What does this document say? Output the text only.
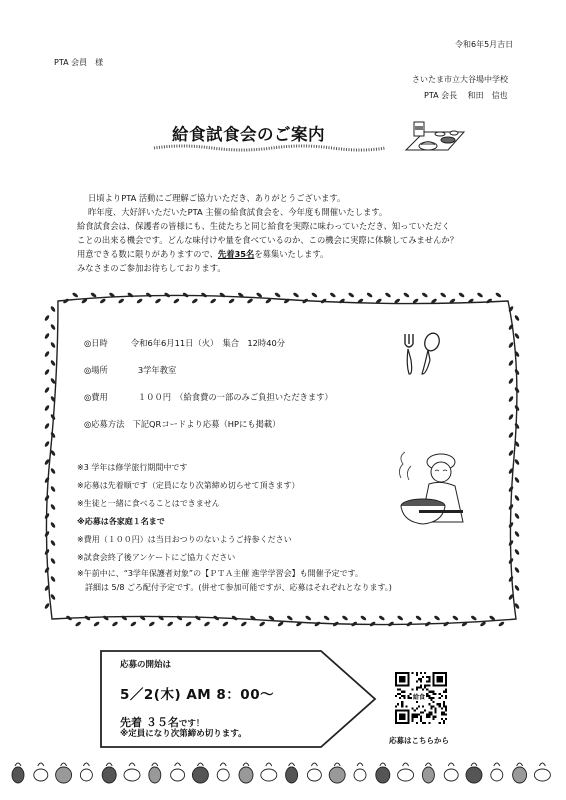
令和6年5月吉日
PTA 会員　様
さいたま市立大谷場中学校
PTA 会長　 和田　信也
給食試食会のご案内
日頃よりPTA 活動にご理解ご協力いただき、ありがとうございます。
昨年度、大好評いただいたPTA 主催の給食試食会を、今年度も開催いたします。
給食試食会は、保護者の皆様にも、生徒たちと同じ給食を実際に味わっていただき、知っていただく
ことの出来る機会です。どんな味付けや量を食べているのか、この機会に実際に体験してみませんか？
用意できる数に限りがありますので、先着35名を募集いたします。
みなさまのご参加お待ちしております。
◎日時	令和6年6月11日（火）　集合　12時40分
◎場所	3学年教室
◎費用	１００円　（給食費の一部のみご負担いただきます）
◎応募方法 下記QRコードより応募（HPにも掲載）
※3 学年は修学旅行期間中です
※応募は先着順です（定員になり次第締め切らせて頂きます）
※生徒と一緒に食べることはできません
※応募は各家庭１名まで
※費用（１００円）は当日おつりのないようご持参ください
※試食会終了後アンケートにご協力ください
※午前中に、“3学年保護者対象”の【ＰＴＡ主催 進学学習会】も開催予定です。
　詳細は 5/8 ごろ配付予定です。(併せて参加可能ですが、応募はそれぞれとなります。)
応募の開始は
5／2(木) AM 8：00～
先着 ３５名です！
※定員になり次第締め切ります。
給食
応募はこちらから
